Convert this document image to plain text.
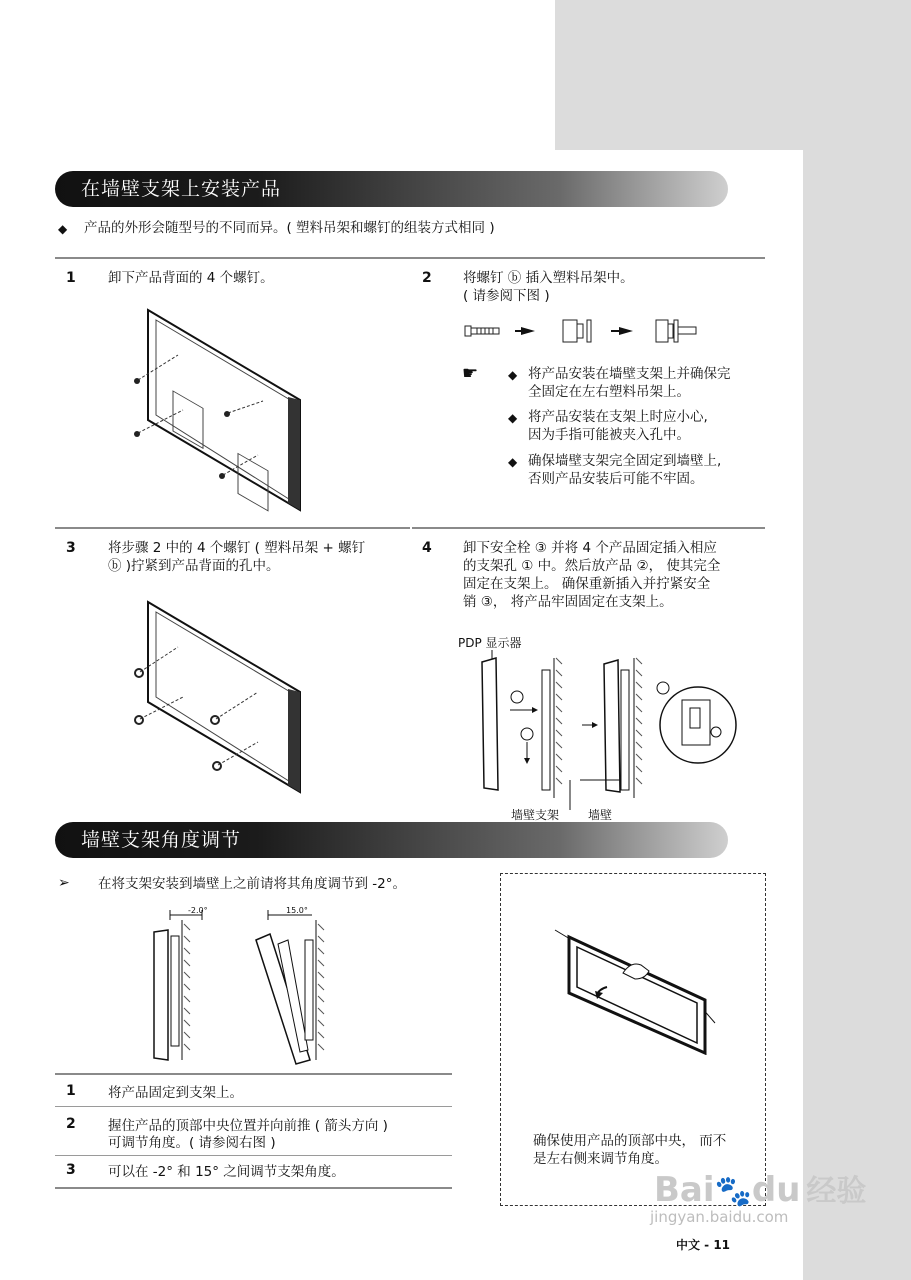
在墙壁支架上安装产品
◆ 产品的外形会随型号的不同而异。( 塑料吊架和螺钉的组装方式相同 )
1 卸下产品背面的 4 个螺钉。	2 将螺钉 ⓑ 插入塑料吊架中。
( 请参阅下图 )
☛ ◆ 将产品安装在墙壁支架上并确保完
全固定在左右塑料吊架上。
◆ 将产品安装在支架上时应小心,
因为手指可能被夹入孔中。
◆ 确保墙壁支架完全固定到墙壁上,
否则产品安装后可能不牢固。
3 将步骤 2 中的 4 个螺钉 ( 塑料吊架 + 螺钉
ⓑ )拧紧到产品背面的孔中。
4 卸下安全栓 ③ 并将 4 个产品固定插入相应
的支架孔 ① 中。然后放产品 ②， 使其完全
固定在支架上。 确保重新插入并拧紧安全
销 ③， 将产品牢固固定在支架上。
PDP 显示器
墙壁支架 墙壁
墙壁支架角度调节
➢ 在将支架安装到墙壁上之前请将其角度调节到 -2°。
-2.0°	15.0°
1 将产品固定到支架上。
2 握住产品的顶部中央位置并向前推 ( 箭头方向 )
可调节角度。( 请参阅右图 )
3 可以在 -2° 和 15° 之间调节支架角度。
确保使用产品的顶部中央， 而不
是左右侧来调节角度。
Bai🐾du 经验
jingyan.baidu.com
中文 - 11
